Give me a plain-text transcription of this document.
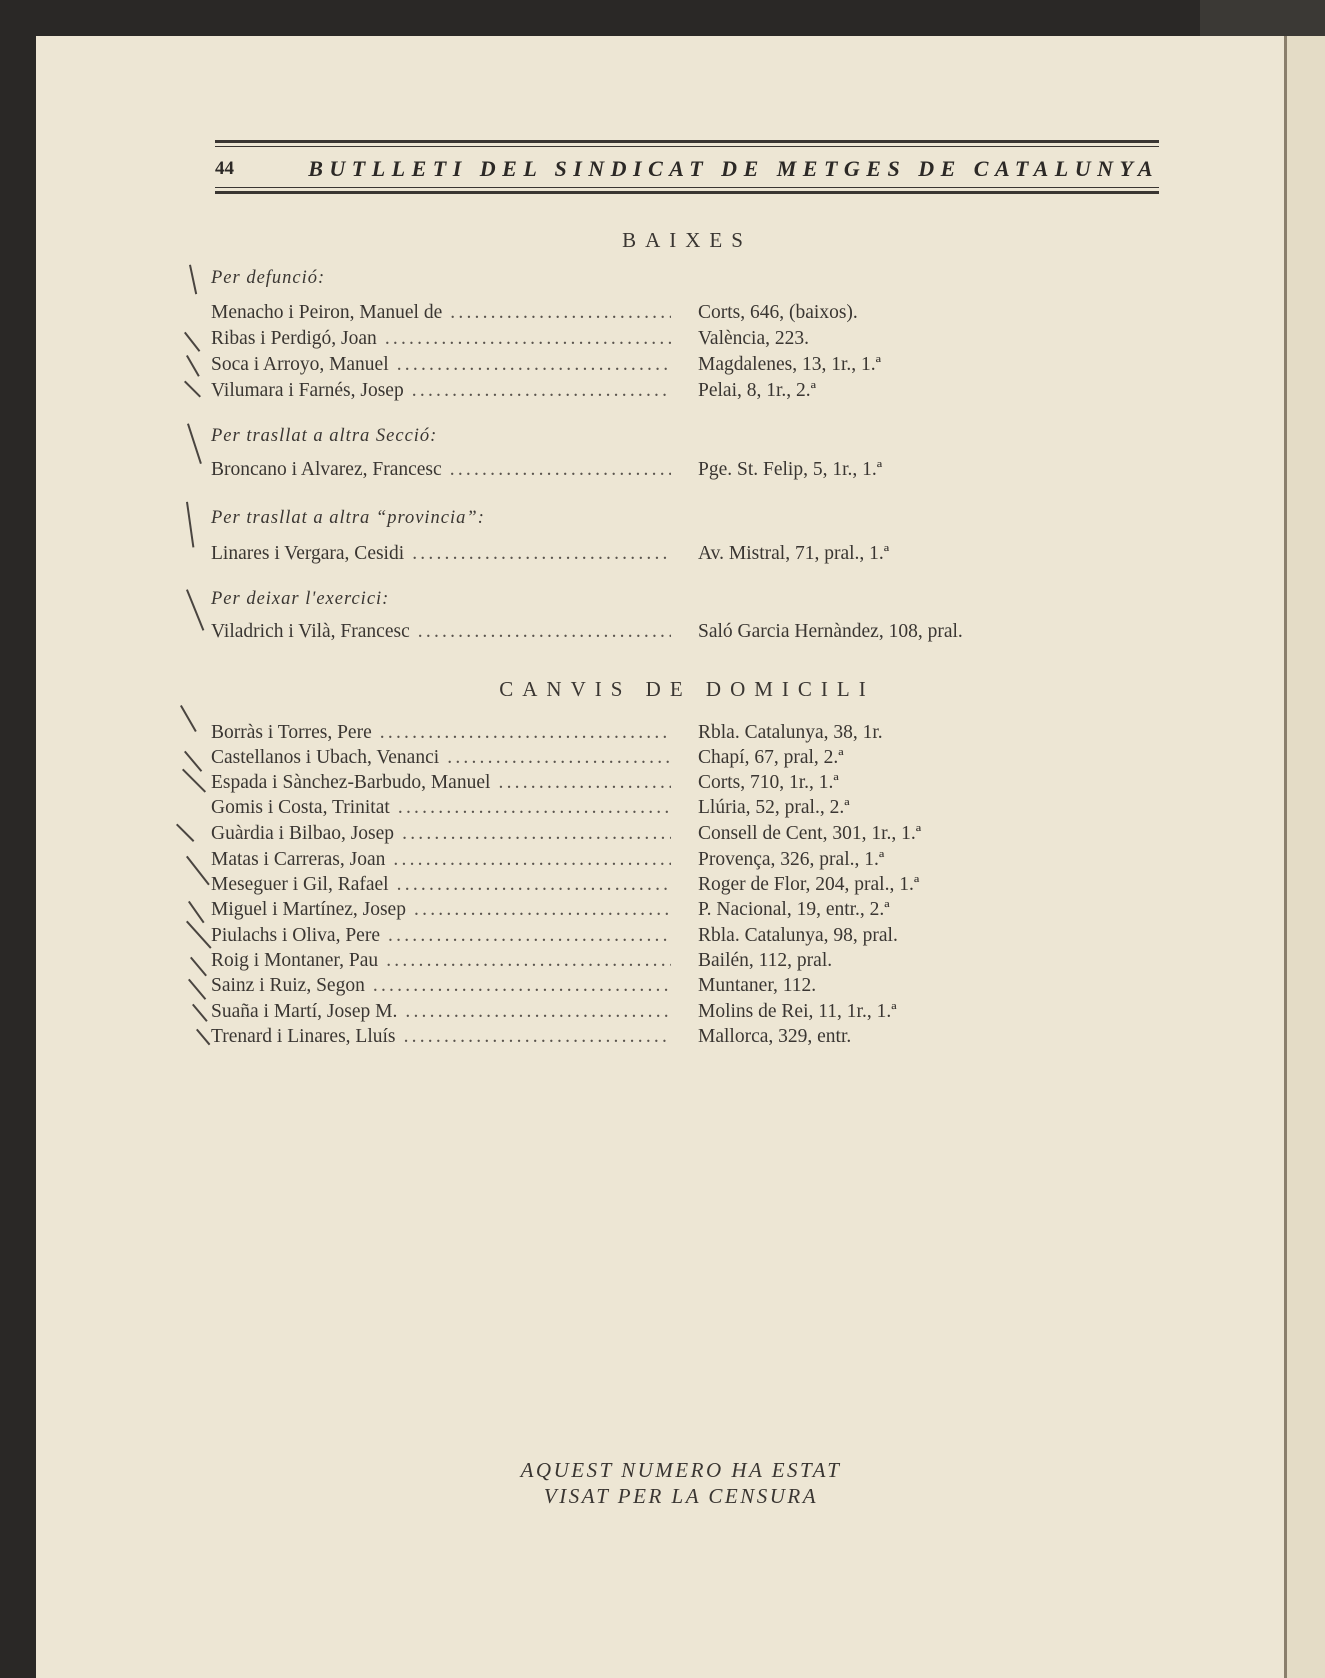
44	BUTLLETI DEL SINDICAT DE METGES DE CATALUNYA
BAIXES
Per defunció:
Menacho i Peiron, Manuel de .....	Corts, 646, (baixos).
Ribas i Perdigó, Joan .....	València, 223.
Soca i Arroyo, Manuel .....	Magdalenes, 13, 1r., 1.ª
Vilumara i Farnés, Josep .....	Pelai, 8, 1r., 2.ª
Per trasllat a altra Secció:
Broncano i Alvarez, Francesc .....	Pge. St. Felip, 5, 1r., 1.ª
Per trasllat a altra “provincia”:
Linares i Vergara, Cesidi .....	Av. Mistral, 71, pral., 1.ª
Per deixar l'exercici:
Viladrich i Vilà, Francesc .....	Saló Garcia Hernàndez, 108, pral.
CANVIS DE DOMICILI
Borràs i Torres, Pere .....	Rbla. Catalunya, 38, 1r.
Castellanos i Ubach, Venanci .....	Chapí, 67, pral, 2.ª
Espada i Sànchez-Barbudo, Manuel .....	Corts, 710, 1r., 1.ª
Gomis i Costa, Trinitat .....	Llúria, 52, pral., 2.ª
Guàrdia i Bilbao, Josep .....	Consell de Cent, 301, 1r., 1.ª
Matas i Carreras, Joan .....	Provença, 326, pral., 1.ª
Meseguer i Gil, Rafael .....	Roger de Flor, 204, pral., 1.ª
Miguel i Martínez, Josep .....	P. Nacional, 19, entr., 2.ª
Piulachs i Oliva, Pere .....	Rbla. Catalunya, 98, pral.
Roig i Montaner, Pau .....	Bailén, 112, pral.
Sainz i Ruiz, Segon .....	Muntaner, 112.
Suaña i Martí, Josep M. .....	Molins de Rei, 11, 1r., 1.ª
Trenard i Linares, Lluís .....	Mallorca, 329, entr.
AQUEST NUMERO HA ESTAT
VISAT PER LA CENSURA
